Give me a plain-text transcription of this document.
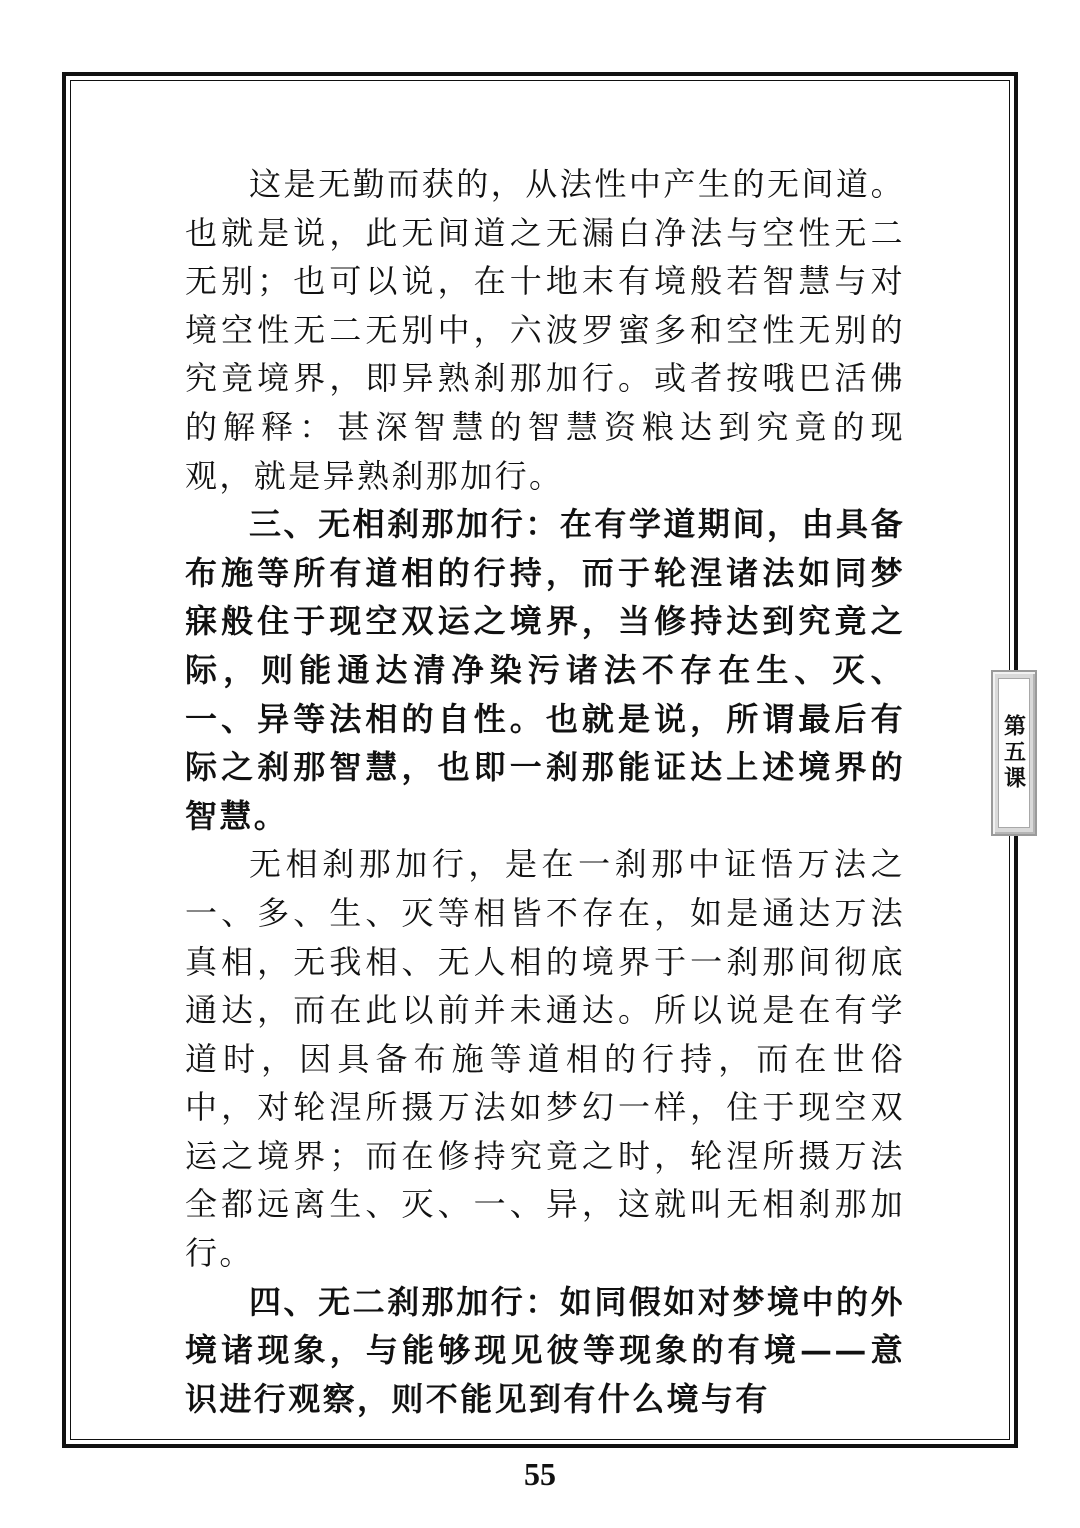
这是无勤而获的，从法性中产生的无间道。也就是说，此无间道之无漏白净法与空性无二无别；也可以说，在十地末有境般若智慧与对境空性无二无别中，六波罗蜜多和空性无别的究竟境界，即异熟刹那加行。或者按哦巴活佛的解释：甚深智慧的智慧资粮达到究竟的现观，就是异熟刹那加行。

三、无相刹那加行：在有学道期间，由具备布施等所有道相的行持，而于轮涅诸法如同梦寐般住于现空双运之境界，当修持达到究竟之际，则能通达清净染污诸法不存在生、灭、一、异等法相的自性。也就是说，所谓最后有际之刹那智慧，也即一刹那能证达上述境界的智慧。

无相刹那加行，是在一刹那中证悟万法之一、多、生、灭等相皆不存在，如是通达万法真相，无我相、无人相的境界于一刹那间彻底通达，而在此以前并未通达。所以说是在有学道时，因具备布施等道相的行持，而在世俗中，对轮涅所摄万法如梦幻一样，住于现空双运之境界；而在修持究竟之时，轮涅所摄万法全都远离生、灭、一、异，这就叫无相刹那加行。

四、无二刹那加行：如同假如对梦境中的外境诸现象，与能够现见彼等现象的有境——意识进行观察，则不能见到有什么境与有

第五课
55
